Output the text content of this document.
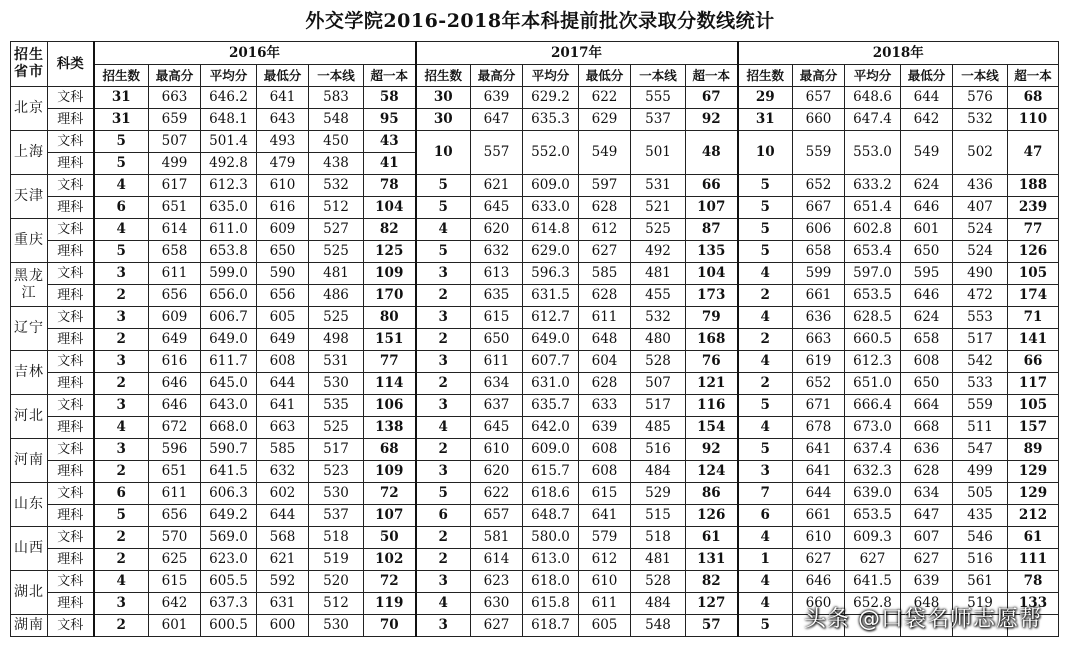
外交学院2016-2018年本科提前批次录取分数线统计
招生省市	科类	2016年						2017年						2018年					
		招生数	最高分	平均分	最低分	一本线	超一本	招生数	最高分	平均分	最低分	一本线	超一本	招生数	最高分	平均分	最低分	一本线	超一本
北京	文科	31	663	646.2	641	583	58	30	639	629.2	622	555	67	29	657	648.6	644	576	68
	理科	31	659	648.1	643	548	95	30	647	635.3	629	537	92	31	660	647.4	642	532	110
上海	文科	5	507	501.4	493	450	43	10	557	552.0	549	501	48	10	559	553.0	549	502	47
	理科	5	499	492.8	479	438	41												
天津	文科	4	617	612.3	610	532	78	5	621	609.0	597	531	66	5	652	633.2	624	436	188
	理科	6	651	635.0	616	512	104	5	645	633.0	628	521	107	5	667	651.4	646	407	239
重庆	文科	4	614	611.0	609	527	82	4	620	614.8	612	525	87	5	606	602.8	601	524	77
	理科	5	658	653.8	650	525	125	5	632	629.0	627	492	135	5	658	653.4	650	524	126
黑龙江	文科	3	611	599.0	590	481	109	3	613	596.3	585	481	104	4	599	597.0	595	490	105
	理科	2	656	656.0	656	486	170	2	635	631.5	628	455	173	2	661	653.5	646	472	174
辽宁	文科	3	609	606.7	605	525	80	3	615	612.7	611	532	79	4	636	628.5	624	553	71
	理科	2	649	649.0	649	498	151	2	650	649.0	648	480	168	2	663	660.5	658	517	141
吉林	文科	3	616	611.7	608	531	77	3	611	607.7	604	528	76	4	619	612.3	608	542	66
	理科	2	646	645.0	644	530	114	2	634	631.0	628	507	121	2	652	651.0	650	533	117
河北	文科	3	646	643.0	641	535	106	3	637	635.7	633	517	116	5	671	666.4	664	559	105
	理科	4	672	668.0	663	525	138	4	645	642.0	639	485	154	4	678	673.0	668	511	157
河南	文科	3	596	590.7	585	517	68	2	610	609.0	608	516	92	5	641	637.4	636	547	89
	理科	2	651	641.5	632	523	109	3	620	615.7	608	484	124	3	641	632.3	628	499	129
山东	文科	6	611	606.3	602	530	72	5	622	618.6	615	529	86	7	644	639.0	634	505	129
	理科	5	656	649.2	644	537	107	6	657	648.7	641	515	126	6	661	653.5	647	435	212
山西	文科	2	570	569.0	568	518	50	2	581	580.0	579	518	61	4	610	609.3	607	546	61
	理科	2	625	623.0	621	519	102	2	614	613.0	612	481	131	1	627	627	627	516	111
湖北	文科	4	615	605.5	592	520	72	3	623	618.0	610	528	82	4	646	641.5	639	561	78
	理科	3	642	637.3	631	512	119	4	630	615.8	611	484	127	4	660	652.8	648	519	133
湖南	文科	2	601	600.5	600	530	70	3	627	618.7	605	548	57	5					头条 @口袋名师志愿帮
